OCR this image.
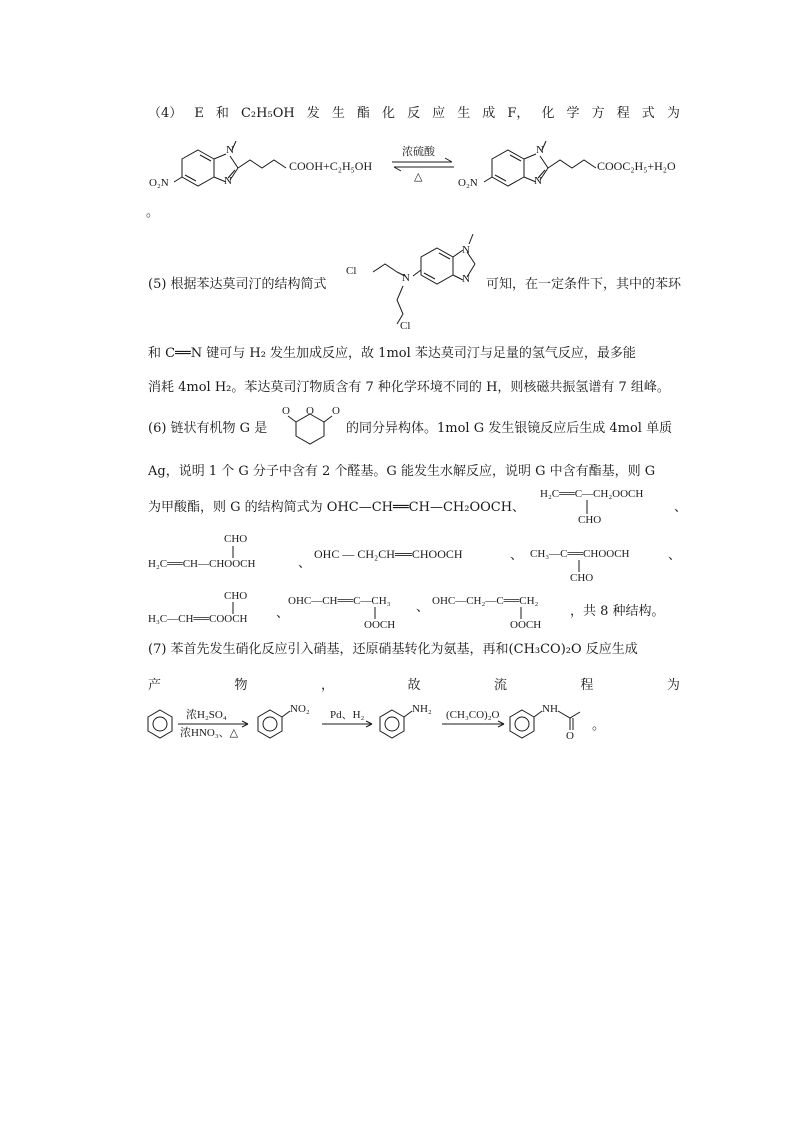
（4） E 和 C₂H₅OH 发 生 酯 化 反 应 生 成 F， 化 学 方 程 式 为
N
N
O₂N
COOH+C₂H₅OH
浓硫酸
△
N
N
O₂N
COOC₂H₅+H₂O
。
(5) 根据苯达莫司汀的结构简式
Cl
N
N
N
Cl
可知，在一定条件下，其中的苯环
和 C══N 键可与 H₂ 发生加成反应，故 1mol 苯达莫司汀与足量的氢气反应，最多能
消耗 4mol H₂。苯达莫司汀物质含有 7 种化学环境不同的 H，则核磁共振氢谱有 7 组峰。
(6) 链状有机物 G 是
O O O
的同分异构体。1mol G 发生银镜反应后生成 4mol 单质
Ag，说明 1 个 G 分子中含有 2 个醛基。G 能发生水解反应，说明 G 中含有酯基，则 G
为甲酸酯，则 G 的结构简式为 OHC—CH══CH—CH₂OOCH、
H₂C══C—CH₂OOCH
CHO
、
CHO
H₂C══CH—CHOOCH	、
OHC — CH₂CH══CHOOCH	、 CH₃—C══CHOOCH
CHO
、
CHO
H₃C—CH══COOCH 、
OHC—CH══C—CH₃
OOCH
、 OHC—CH₂—C══CH₂
OOCH
，共 8 种结构。
(7) 苯首先发生硝化反应引入硝基，还原硝基转化为氨基，再和(CH₃CO)₂O 反应生成
产	物	，	故	流	程	为
浓H₂SO₄
浓HNO₃、△
NO₂ Pd、H₂	NH₂ (CH₃CO)₂O	N H
O
。
